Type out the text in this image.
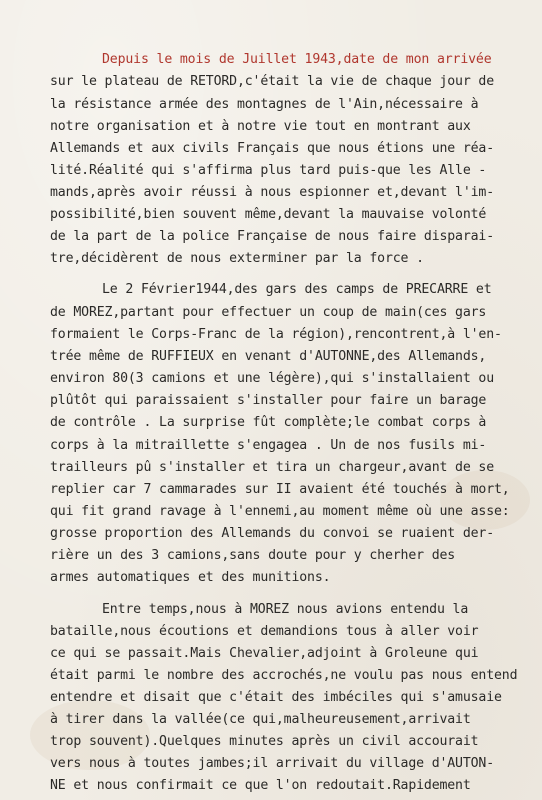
Depuis le mois de Juillet 1943,date de mon arrivée
sur le plateau de RETORD,c'était la vie de chaque jour de
la résistance armée des montagnes de l'Ain,nécessaire à
notre organisation et à notre vie tout en montrant aux
Allemands et aux civils Français que nous étions une réa-
lité.Réalité qui s'affirma plus tard puis-que les Alle -
mands,après avoir réussi à nous espionner et,devant l'im-
possibilité,bien souvent même,devant la mauvaise volonté
de la part de la police Française de nous faire disparai-
tre,décidèrent de nous exterminer par la force .
Le 2 Février1944,des gars des camps de PRECARRE et
de MOREZ,partant pour effectuer un coup de main(ces gars
formaient le Corps-Franc de la région),rencontrent,à l'en-
trée même de RUFFIEUX en venant d'AUTONNE,des Allemands,
environ 80(3 camions et une légère),qui s'installaient ou
plûtôt qui paraissaient s'installer pour faire un barage
de contrôle . La surprise fût complète;le combat corps à
corps à la mitraillette s'engagea . Un de nos fusils mi-
trailleurs pû s'installer et tira un chargeur,avant de se
replier car 7 cammarades sur II avaient été touchés à mort,
qui fit grand ravage à l'ennemi,au moment même où une asse:
grosse proportion des Allemands du convoi se ruaient der-
rière un des 3 camions,sans doute pour y cherher des
armes automatiques et des munitions.
Entre temps,nous à MOREZ nous avions entendu la
bataille,nous écoutions et demandions tous à aller voir
ce qui se passait.Mais Chevalier,adjoint à Groleune qui
était parmi le nombre des accrochés,ne voulu pas nous entend
entendre et disait que c'était des imbéciles qui s'amusaie
à tirer dans la vallée(ce qui,malheureusement,arrivait
trop souvent).Quelques minutes après un civil accourait
vers nous à toutes jambes;il arrivait du village d'AUTON-
NE et nous confirmait ce que l'on redoutait.Rapidement
